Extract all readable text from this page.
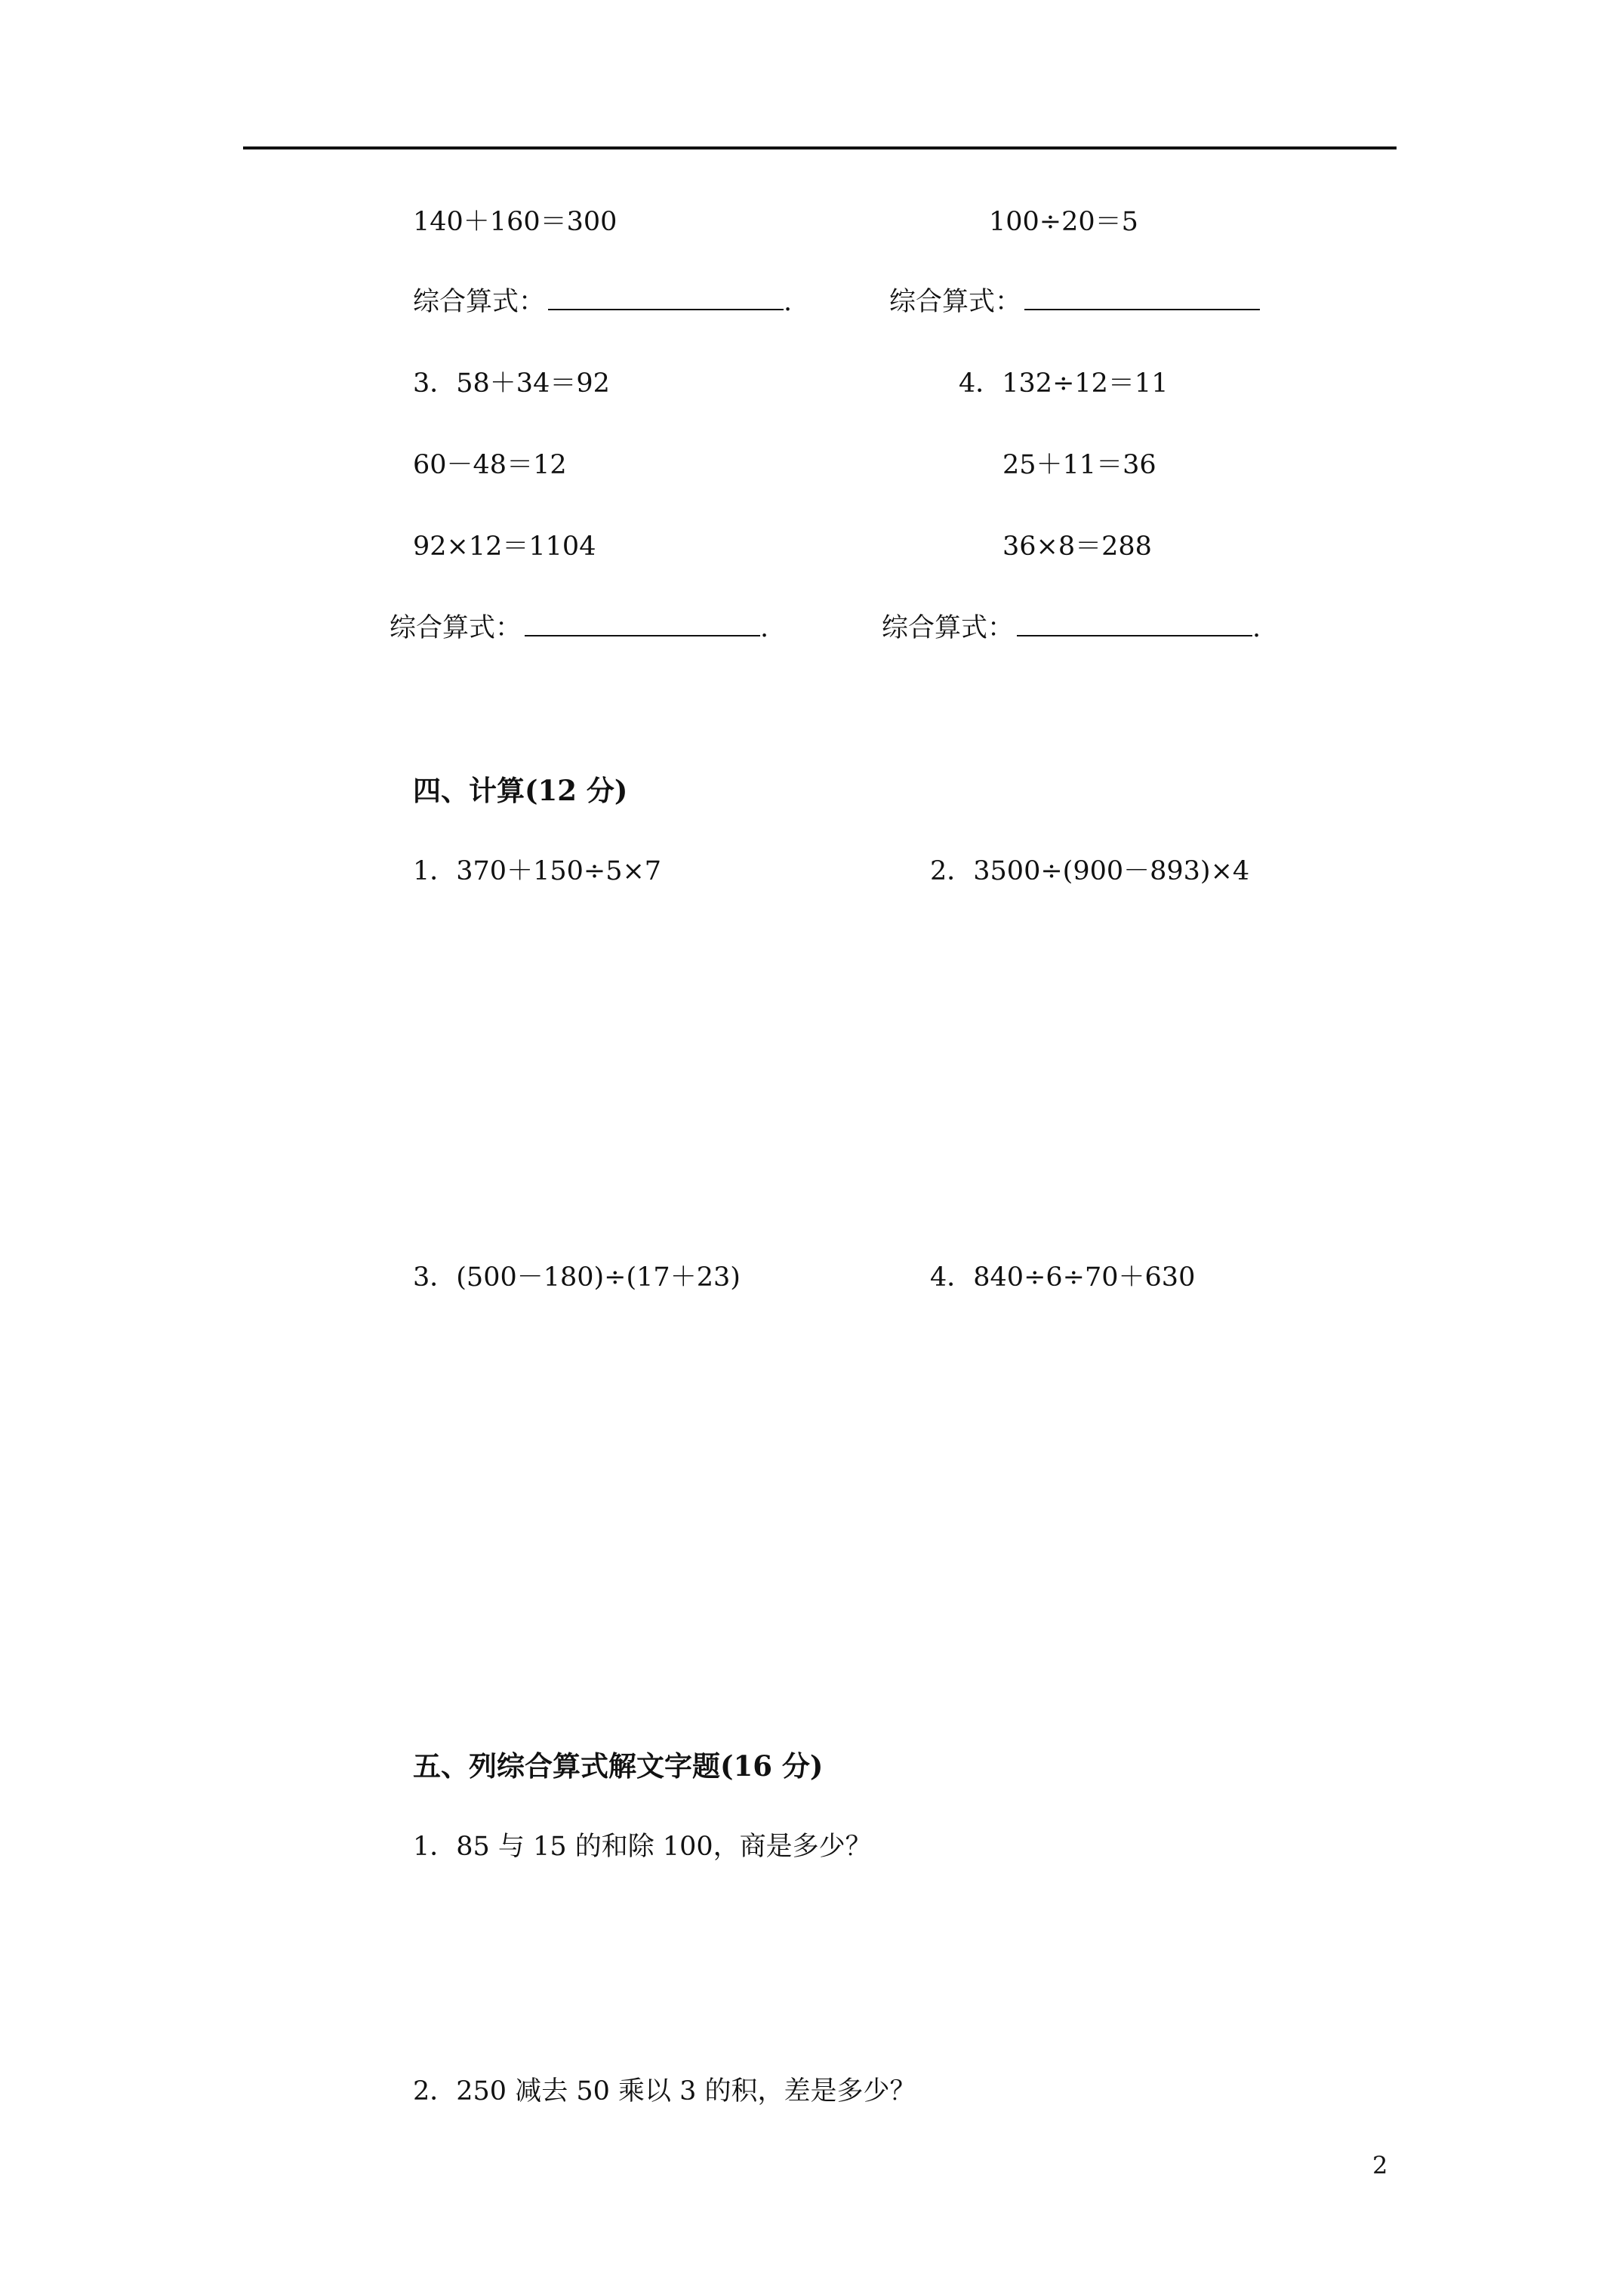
140＋160＝300	100÷20＝5
综合算式：	.	综合算式：
3．58＋34＝92	4．132÷12＝11
60－48＝12	25＋11＝36
92×12＝1104	36×8＝288
综合算式：	.	综合算式：	.
四、计算(12 分)
1．370＋150÷5×7	2．3500÷(900－893)×4
3．(500－180)÷(17＋23)	4．840÷6÷70＋630
五、列综合算式解文字题(16 分)
1．85 与 15 的和除 100，商是多少？
2．250 减去 50 乘以 3 的积，差是多少？
2
